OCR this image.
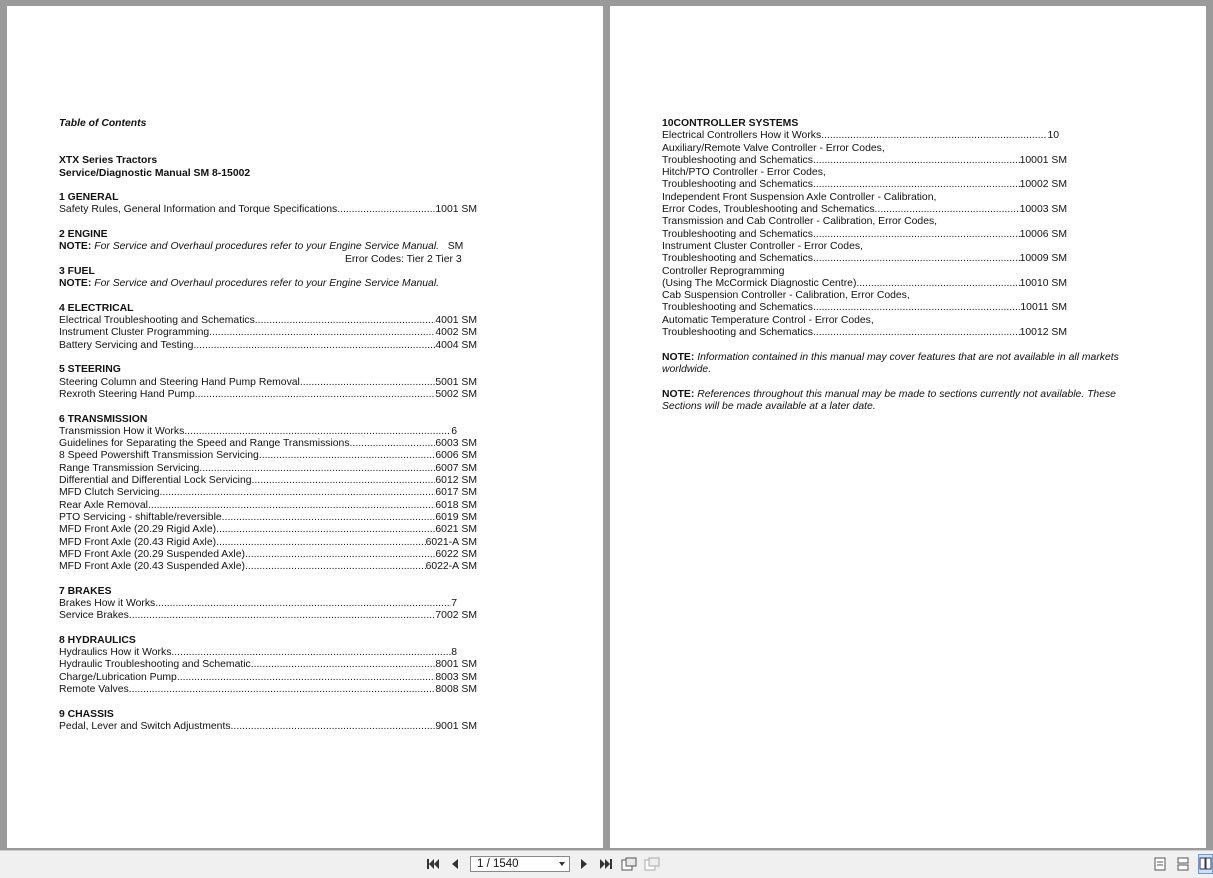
Table of Contents
XTX Series Tractors
Service/Diagnostic Manual SM 8-15002
1 GENERAL
Safety Rules, General Information and Torque Specifications .....	1001 SM
2 ENGINE
NOTE: For Service and Overhaul procedures refer to your Engine Service Manual. SM
Error Codes: Tier 2 Tier 3
3 FUEL
NOTE: For Service and Overhaul procedures refer to your Engine Service Manual.
4 ELECTRICAL
Electrical Troubleshooting and Schematics .....	4001 SM
Instrument Cluster Programming .....	4002 SM
Battery Servicing and Testing .....	4004 SM
5 STEERING
Steering Column and Steering Hand Pump Removal .....	5001 SM
Rexroth Steering Hand Pump .....	5002 SM
6 TRANSMISSION
Transmission How it Works .....	6
Guidelines for Separating the Speed and Range Transmissions .....	6003 SM
8 Speed Powershift Transmission Servicing .....	6006 SM
Range Transmission Servicing .....	6007 SM
Differential and Differential Lock Servicing .....	6012 SM
MFD Clutch Servicing .....	6017 SM
Rear Axle Removal .....	6018 SM
PTO Servicing - shiftable/reversible .....	6019 SM
MFD Front Axle (20.29 Rigid Axle) .....	6021 SM
MFD Front Axle (20.43 Rigid Axle) .....	6021-A SM
MFD Front Axle (20.29 Suspended Axle) .....	6022 SM
MFD Front Axle (20.43 Suspended Axle) .....	6022-A SM
7 BRAKES
Brakes How it Works .....	7
Service Brakes .....	7002 SM
8 HYDRAULICS
Hydraulics How it Works .....	8
Hydraulic Troubleshooting and Schematic .....	8001 SM
Charge/Lubrication Pump .....	8003 SM
Remote Valves .....	8008 SM
9 CHASSIS
Pedal, Lever and Switch Adjustments .....	9001 SM
10CONTROLLER SYSTEMS
Electrical Controllers How it Works .....	10
Auxiliary/Remote Valve Controller - Error Codes,
Troubleshooting and Schematics .....	10001 SM
Hitch/PTO Controller - Error Codes,
Troubleshooting and Schematics .....	10002 SM
Independent Front Suspension Axle Controller - Calibration,
Error Codes, Troubleshooting and Schematics .....	10003 SM
Transmission and Cab Controller - Calibration, Error Codes,
Troubleshooting and Schematics .....	10006 SM
Instrument Cluster Controller - Error Codes,
Troubleshooting and Schematics .....	10009 SM
Controller Reprogramming
(Using The McCormick Diagnostic Centre) .....	10010 SM
Cab Suspension Controller - Calibration, Error Codes,
Troubleshooting and Schematics .....	10011 SM
Automatic Temperature Control - Error Codes,
Troubleshooting and Schematics .....	10012 SM
NOTE: Information contained in this manual may cover features that are not available in all markets worldwide.
NOTE: References throughout this manual may be made to sections currently not available. These Sections will be made available at a later date.
1 / 1540
